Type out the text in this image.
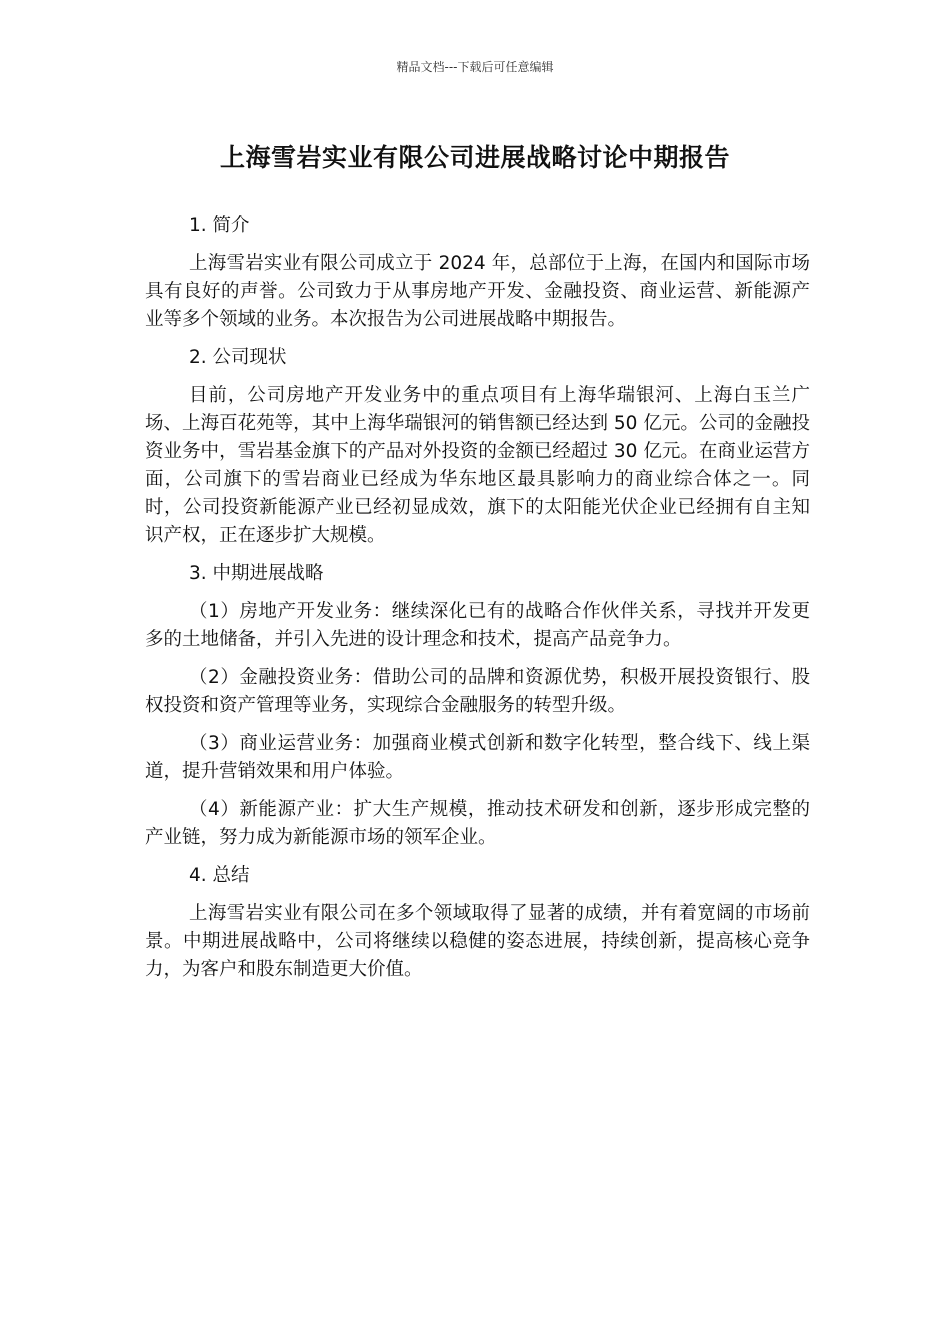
精品文档---下载后可任意编辑
上海雪岩实业有限公司进展战略讨论中期报告
1. 简介

上海雪岩实业有限公司成立于 2024 年，总部位于上海，在国内和国际市场具有良好的声誉。公司致力于从事房地产开发、金融投资、商业运营、新能源产业等多个领域的业务。本次报告为公司进展战略中期报告。

2. 公司现状

目前，公司房地产开发业务中的重点项目有上海华瑞银河、上海白玉兰广场、上海百花苑等，其中上海华瑞银河的销售额已经达到 50 亿元。公司的金融投资业务中，雪岩基金旗下的产品对外投资的金额已经超过 30 亿元。在商业运营方面，公司旗下的雪岩商业已经成为华东地区最具影响力的商业综合体之一。同时，公司投资新能源产业已经初显成效，旗下的太阳能光伏企业已经拥有自主知识产权，正在逐步扩大规模。

3. 中期进展战略

（1）房地产开发业务：继续深化已有的战略合作伙伴关系，寻找并开发更多的土地储备，并引入先进的设计理念和技术，提高产品竞争力。

（2）金融投资业务：借助公司的品牌和资源优势，积极开展投资银行、股权投资和资产管理等业务，实现综合金融服务的转型升级。

（3）商业运营业务：加强商业模式创新和数字化转型，整合线下、线上渠道，提升营销效果和用户体验。

（4）新能源产业：扩大生产规模，推动技术研发和创新，逐步形成完整的产业链，努力成为新能源市场的领军企业。

4. 总结

上海雪岩实业有限公司在多个领域取得了显著的成绩，并有着宽阔的市场前景。中期进展战略中，公司将继续以稳健的姿态进展，持续创新，提高核心竞争力，为客户和股东制造更大价值。
